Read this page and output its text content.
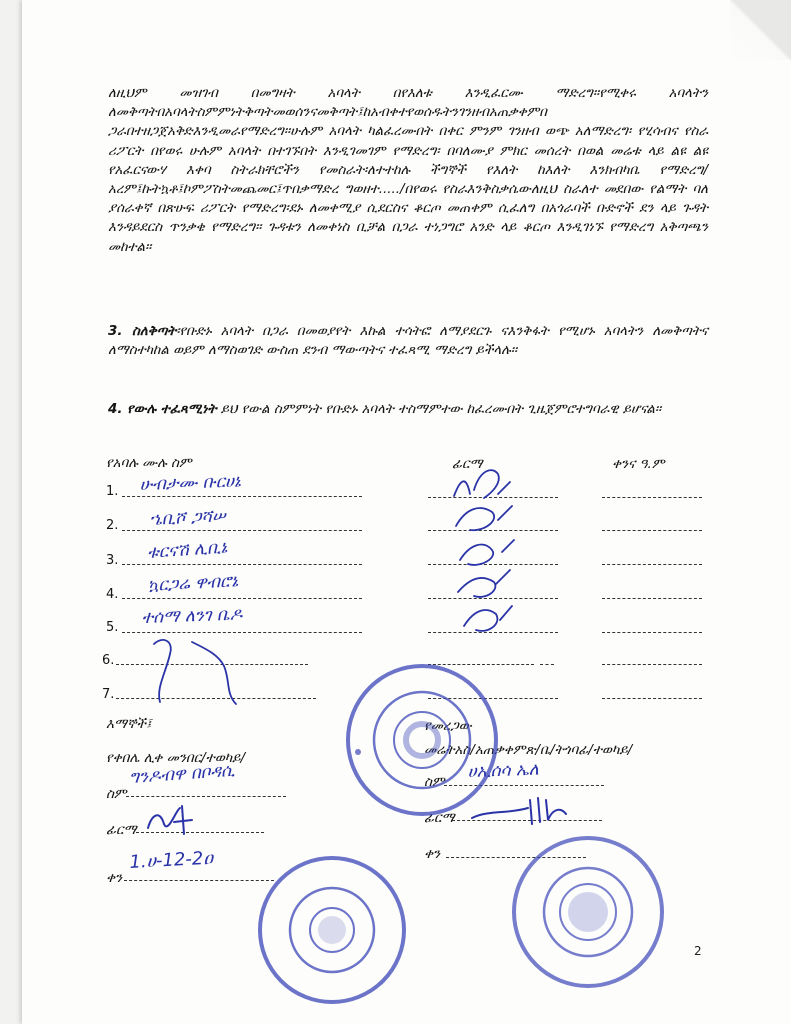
ለዚህም መዝገብ በመግዛት አባላት በየእለቱ እንዲፈርሙ ማድረግ፡፡የሚቀሩ አባላትን ለመቅጣትበአባላትስምምነትቅጣትመወሰንናመቅጣት፤ከአብቀተየወሰዱትንገንዘብአጠቃቀምበ ጋራበተዘጋጀአቅድእንዲመራየማድረግ፡፡ሁሉም አባላት ካልፈረሙበት በቀር ምንም ገንዘብ ወጭ አለማድረግ፡ የሂሳብና የስራ ሪፖርት በየወሩ ሁሉም አባላት በተገኙበት እንዲገመገም የማድረግ፡ በባለሙያ ምክር መሰረት በወል መሬቱ ላይ ልዩ ልዩ የአፈርናውሃ እቀባ ስትራክቸሮችን የመስራት፡ለተተከሉ ችግኞች የእለት ከእለት እንክብካቤ የማድረግ/አረም፤ኩትኳቶ፤ኮምፖስትመጨመር፤ጥበቃማድረ ግወዘተ...../በየወሩ የስራእንቅስቃሴውለዚህ ስራለተ መደበው የልማት ባለ ያሰራቀኛ በጽሁፍ ሪፖርት የማድረግ፡ደኑ ለመቀሚያ ሲደርስና ቆርጦ መጠቀም ሲፈለግ በአጎራባች ቡድኖች ደን ላይ ጉዳት እንዳይደርስ ጥንቃቄ የማድረግ፡፡ ጉዳቱን ለመቀነስ ቢቻል በጋራ ተነጋግሮ አንድ ላይ ቆርጦ እንዲገነኙ የማድረግ አቅጣጫን መከተል፡፡
3. ስለቅጣት፡የቡድኑ አባላት በጋራ በመወያየት እኩል ተሳትፎ ለማያደርጉ ናእንቅፋት የሚሆኑ አባላትን ለመቅጣትና ለማስተካከል ወይም ለማስወገድ ውስጠ ደንብ ማውጣትና ተፈጻሚ ማድረግ ይችላሉ፡፡
4. የውሉ ተፈጻሚነት ይህ የውል ስምምነት የቡድኑ አባላት ተስማምተው ከፈረሙበት ጊዜጀምሮተግባራዊ ይሆናል፡፡
የአባሉ ሙሉ ስም	ፊርማ	ቀንና ዓ.ም
1. ሁብታሙ ቡርሀኔ
2. ኄቢሾ ጋሻሠ
3. ቱርናሽ ሊቢኔ
4. ኳርጋሬ ዋብሮኔ
5. ተሰማ ለንገ ቤዶ
6.
7.
እማኞች፤
የቀበሌ ሊቀ መንበር/ተወካይ/
ስም
ግንዶብዋ በቦዳሲ
ፊርማ
ቀን
1.ሀ-12-2ዐ
የመረጋው
መሬትአስ/አጠቃቀምጽ/ቤ/ትጎባፊ/ተወካይ/
ስም ሀኢሰሳ ኤለ
ፊርማ
ቀን
2
